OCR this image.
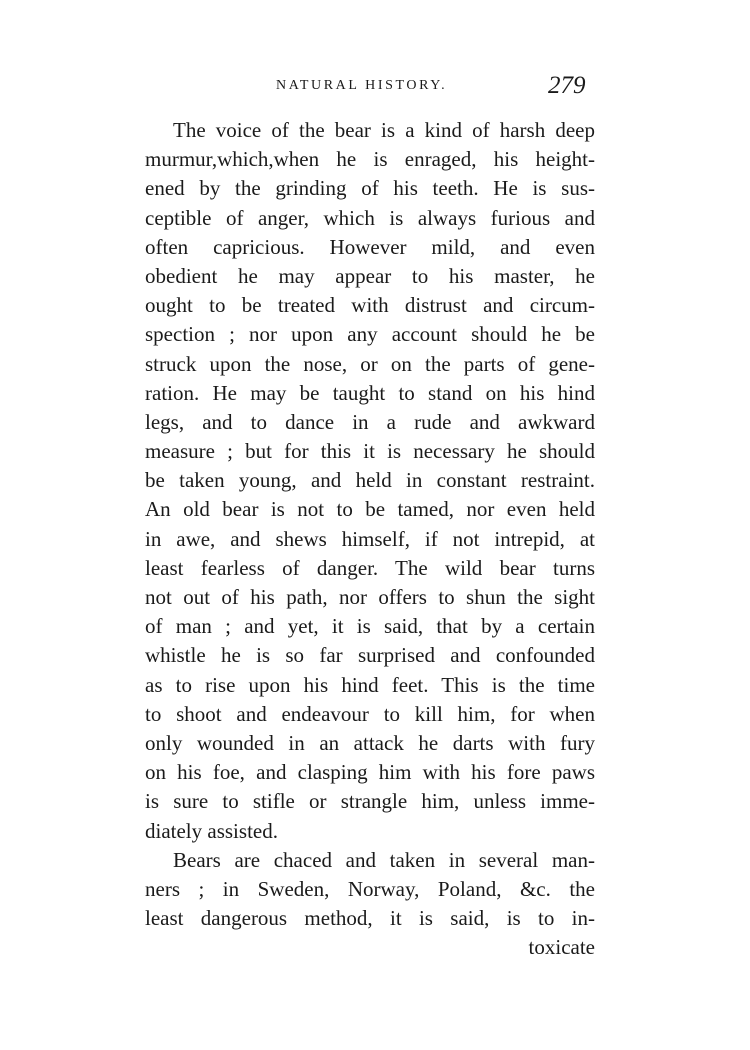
NATURAL HISTORY.	279
The voice of the bear is a kind of harsh deep
murmur,which,when he is enraged, his height-
ened by the grinding of his teeth. He is sus-
ceptible of anger, which is always furious and
often capricious. However mild, and even
obedient he may appear to his master, he
ought to be treated with distrust and circum-
spection ; nor upon any account should he be
struck upon the nose, or on the parts of gene-
ration. He may be taught to stand on his hind
legs, and to dance in a rude and awkward
measure ; but for this it is necessary he should
be taken young, and held in constant restraint.
An old bear is not to be tamed, nor even held
in awe, and shews himself, if not intrepid, at
least fearless of danger. The wild bear turns
not out of his path, nor offers to shun the sight
of man ; and yet, it is said, that by a certain
whistle he is so far surprised and confounded
as to rise upon his hind feet. This is the time
to shoot and endeavour to kill him, for when
only wounded in an attack he darts with fury
on his foe, and clasping him with his fore paws
is sure to stifle or strangle him, unless imme-
diately assisted.
Bears are chaced and taken in several man-
ners ; in Sweden, Norway, Poland, &c. the
least dangerous method, it is said, is to in-
toxicate
